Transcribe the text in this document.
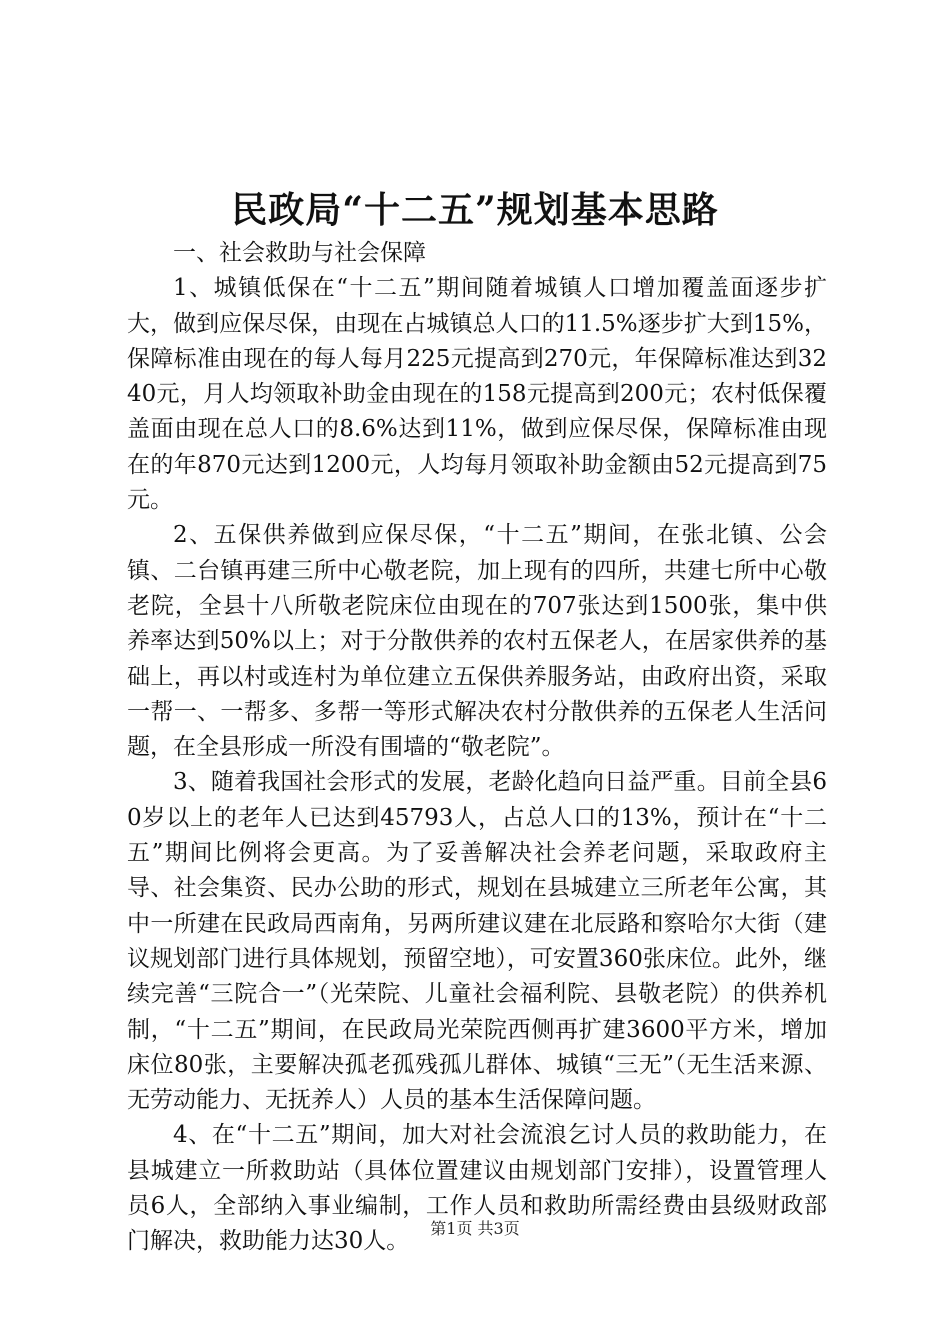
民政局“十二五”规划基本思路

一、社会救助与社会保障

1、城镇低保在“十二五”期间随着城镇人口增加覆盖面逐步扩大，做到应保尽保，由现在占城镇总人口的11.5%逐步扩大到15%，保障标准由现在的每人每月225元提高到270元，年保障标准达到3240元，月人均领取补助金由现在的158元提高到200元；农村低保覆盖面由现在总人口的8.6%达到11%，做到应保尽保，保障标准由现在的年870元达到1200元，人均每月领取补助金额由52元提高到75元。

2、五保供养做到应保尽保，“十二五”期间，在张北镇、公会镇、二台镇再建三所中心敬老院，加上现有的四所，共建七所中心敬老院，全县十八所敬老院床位由现在的707张达到1500张，集中供养率达到50%以上；对于分散供养的农村五保老人，在居家供养的基础上，再以村或连村为单位建立五保供养服务站，由政府出资，采取一帮一、一帮多、多帮一等形式解决农村分散供养的五保老人生活问题，在全县形成一所没有围墙的“敬老院”。

3、随着我国社会形式的发展，老龄化趋向日益严重。目前全县60岁以上的老年人已达到45793人，占总人口的13%，预计在“十二五”期间比例将会更高。为了妥善解决社会养老问题，采取政府主导、社会集资、民办公助的形式，规划在县城建立三所老年公寓，其中一所建在民政局西南角，另两所建议建在北辰路和察哈尔大街（建议规划部门进行具体规划，预留空地），可安置360张床位。此外，继续完善“三院合一”（光荣院、儿童社会福利院、县敬老院）的供养机制，“十二五”期间，在民政局光荣院西侧再扩建3600平方米，增加床位80张，主要解决孤老孤残孤儿群体、城镇“三无”（无生活来源、无劳动能力、无抚养人）人员的基本生活保障问题。

4、在“十二五”期间，加大对社会流浪乞讨人员的救助能力，在县城建立一所救助站（具体位置建议由规划部门安排），设置管理人员6人，全部纳入事业编制，工作人员和救助所需经费由县级财政部门解决，救助能力达30人。	第1页 共3页
